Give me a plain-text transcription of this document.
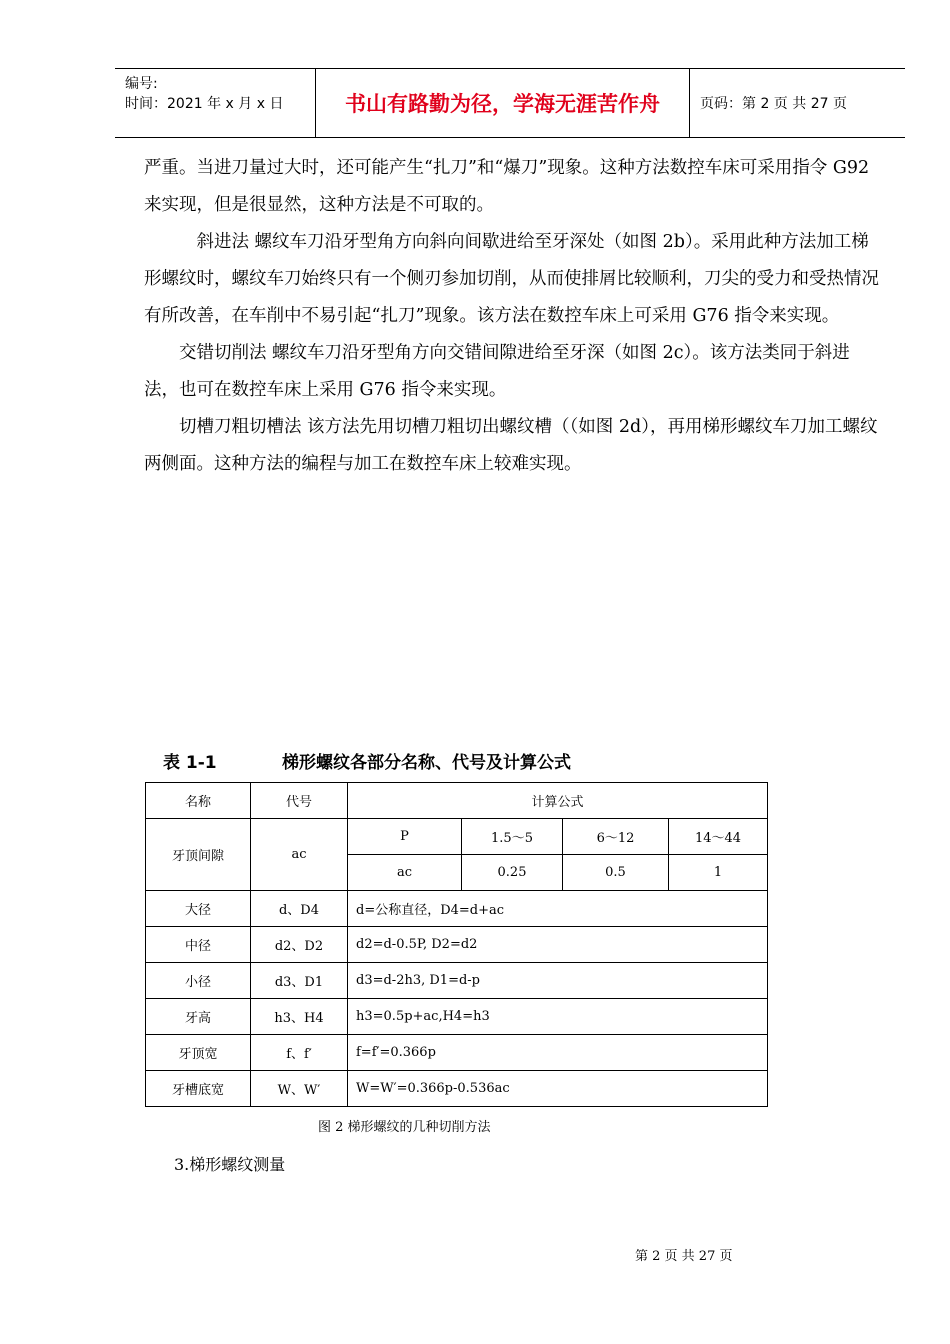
编号:
时间：2021 年 x 月 x 日	书山有路勤为径，学海无涯苦作舟	页码：第 2 页 共 27 页

严重。当进刀量过大时，还可能产生“扎刀”和“爆刀”现象。这种方法数控车床可采用指令 G92 来实现，但是很显然，这种方法是不可取的。

　斜进法 螺纹车刀沿牙型角方向斜向间歇进给至牙深处（如图 2b）。采用此种方法加工梯形螺纹时，螺纹车刀始终只有一个侧刃参加切削，从而使排屑比较顺利，刀尖的受力和受热情况有所改善，在车削中不易引起“扎刀”现象。该方法在数控车床上可采用 G76 指令来实现。

交错切削法 螺纹车刀沿牙型角方向交错间隙进给至牙深（如图 2c）。该方法类同于斜进法，也可在数控车床上采用 G76 指令来实现。

切槽刀粗切槽法 该方法先用切槽刀粗切出螺纹槽（（如图 2d），再用梯形螺纹车刀加工螺纹两侧面。这种方法的编程与加工在数控车床上较难实现。

表 1-1	梯形螺纹各部分名称、代号及计算公式
名称	代号	计算公式			
牙顶间隙	ac	P	1.5～5	6～12	14～44
		ac	0.25	0.5	1
大径	d、D4	d=公称直径，D4=d+ac			
中径	d2、D2	d2=d-0.5P, D2=d2			
小径	d3、D1	d3=d-2h3, D1=d-p			
牙高	h3、H4	h3=0.5p+ac,H4=h3			
牙顶宽	f、f′	f=f′=0.366p			
牙槽底宽	W、W′	W=W′=0.366p-0.536ac			
图 2 梯形螺纹的几种切削方法
3.梯形螺纹测量
第 2 页 共 27 页
